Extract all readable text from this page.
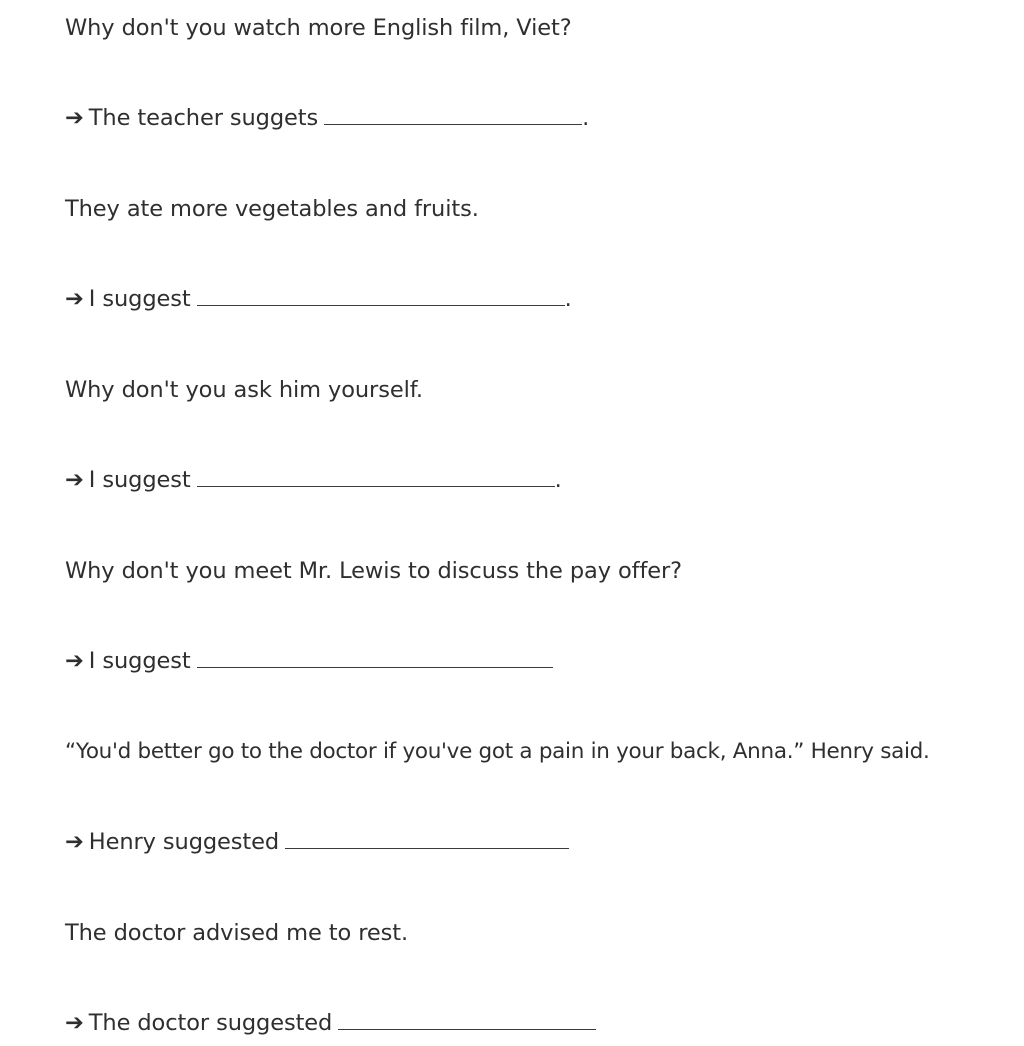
Why don't you watch more English film, Viet?
➔ The teacher suggets	.
They ate more vegetables and fruits.
➔ I suggest	.
Why don't you ask him yourself.
➔ I suggest	.
Why don't you meet Mr. Lewis to discuss the pay offer?
➔ I suggest
“You'd better go to the doctor if you've got a pain in your back, Anna.” Henry said.
➔ Henry suggested
The doctor advised me to rest.
➔ The doctor suggested
